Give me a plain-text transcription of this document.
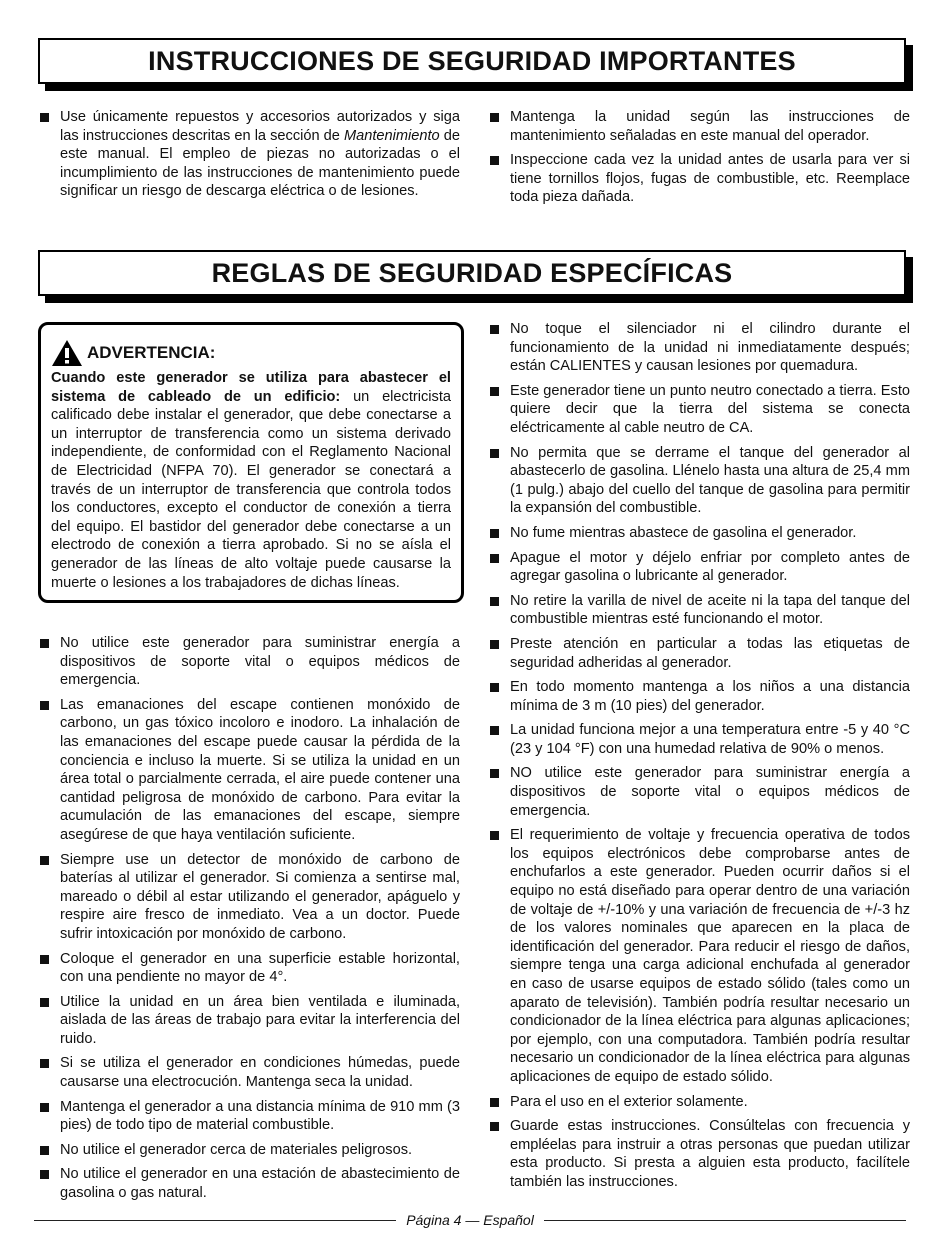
INSTRUCCIONES DE SEGURIDAD IMPORTANTES
Use únicamente repuestos y accesorios autorizados y siga las instrucciones descritas en la sección de Mantenimiento de este manual. El empleo de piezas no autorizadas o el incumplimiento de las instrucciones de mantenimiento puede significar un riesgo de descarga eléctrica o de lesiones.
Mantenga la unidad según las instrucciones de mantenimiento señaladas en este manual del operador.
Inspeccione cada vez la unidad antes de usarla para ver si tiene tornillos flojos, fugas de combustible, etc. Reemplace toda pieza dañada.
REGLAS DE SEGURIDAD ESPECÍFICAS
ADVERTENCIA:
Cuando este generador se utiliza para abastecer el sistema de cableado de un edificio: un electricista calificado debe instalar el generador, que debe conectarse a un interruptor de transferencia como un sistema derivado independiente, de conformidad con el Reglamento Nacional de Electricidad (NFPA 70). El generador se conectará a través de un interruptor de transferencia que controla todos los conductores, excepto el conductor de conexión a tierra del equipo. El bastidor del generador debe conectarse a un electrodo de conexión a tierra aprobado. Si no se aísla el generador de las líneas de alto voltaje puede causarse la muerte o lesiones a los trabajadores de dichas líneas.
No utilice este generador para suministrar energía a dispositivos de soporte vital o equipos médicos de emergencia.
Las emanaciones del escape contienen monóxido de carbono, un gas tóxico incoloro e inodoro. La inhalación de las emanaciones del escape puede causar la pérdida de la conciencia e incluso la muerte. Si se utiliza la unidad en un área total o parcialmente cerrada, el aire puede contener una cantidad peligrosa de monóxido de carbono. Para evitar la acumulación de las emanaciones del escape, siempre asegúrese de que haya ventilación suficiente.
Siempre use un detector de monóxido de carbono de baterías al utilizar el generador. Si comienza a sentirse mal, mareado o débil al estar utilizando el generador, apáguelo y respire aire fresco de inmediato. Vea a un doctor. Puede sufrir intoxicación por monóxido de carbono.
Coloque el generador en una superficie estable horizontal, con una pendiente no mayor de 4°.
Utilice la unidad en un área bien ventilada e iluminada, aislada de las áreas de trabajo para evitar la interferencia del ruido.
Si se utiliza el generador en condiciones húmedas, puede causarse una electrocución. Mantenga seca la unidad.
Mantenga el generador a una distancia mínima de 910 mm (3 pies) de todo tipo de material combustible.
No utilice el generador cerca de materiales peligrosos.
No utilice el generador en una estación de abastecimiento de gasolina o gas natural.
No toque el silenciador ni el cilindro durante el funcionamiento de la unidad ni inmediatamente después; están CALIENTES y causan lesiones por quemadura.
Este generador tiene un punto neutro conectado a tierra. Esto quiere decir que la tierra del sistema se conecta eléctricamente al cable neutro de CA.
No permita que se derrame el tanque del generador al abastecerlo de gasolina. Llénelo hasta una altura de 25,4 mm (1 pulg.) abajo del cuello del tanque de gasolina para permitir la expansión del combustible.
No fume mientras abastece de gasolina el generador.
Apague el motor y déjelo enfriar por completo antes de agregar gasolina o lubricante al generador.
No retire la varilla de nivel de aceite ni la tapa del tanque del combustible mientras esté funcionando el motor.
Preste atención en particular a todas las etiquetas de seguridad adheridas al generador.
En todo momento mantenga a los niños a una distancia mínima de 3 m (10 pies) del generador.
La unidad funciona mejor a una temperatura entre -5 y 40 °C (23 y 104 °F) con una humedad relativa de 90% o menos.
NO utilice este generador para suministrar energía a dispositivos de soporte vital o equipos médicos de emergencia.
El requerimiento de voltaje y frecuencia operativa de todos los equipos electrónicos debe comprobarse antes de enchufarlos a este generador. Pueden ocurrir daños si el equipo no está diseñado para operar dentro de una variación de voltaje de +/-10% y una variación de frecuencia de +/-3 hz de los valores nominales que aparecen en la placa de identificación del generador. Para reducir el riesgo de daños, siempre tenga una carga adicional enchufada al generador en caso de usarse equipos de estado sólido (tales como un aparato de televisión). También podría resultar necesario un condicionador de la línea eléctrica para algunas aplicaciones; por ejemplo, con una computadora. También podría resultar necesario un condicionador de la línea eléctrica para algunas aplicaciones de equipo de estado sólido.
Para el uso en el exterior solamente.
Guarde estas instrucciones. Consúltelas con frecuencia y empléelas para instruir a otras personas que puedan utilizar esta producto. Si presta a alguien esta producto, facilítele también las instrucciones.
Página 4 — Español
